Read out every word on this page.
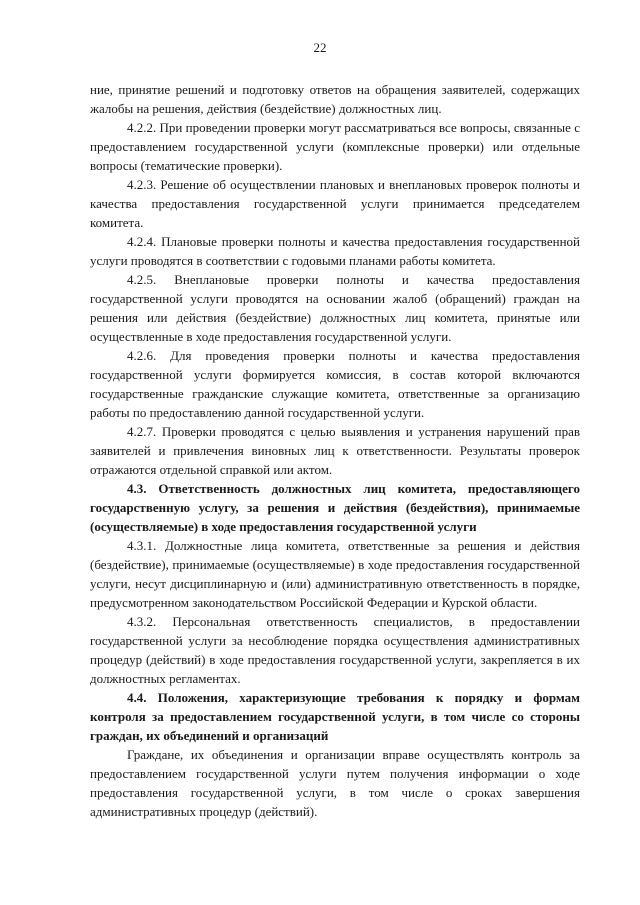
22

ние, принятие решений и подготовку ответов на обращения заявителей, содержащих жалобы на решения, действия (бездействие) должностных лиц.

4.2.2. При проведении проверки могут рассматриваться все вопросы, связанные с предоставлением государственной услуги (комплексные проверки) или отдельные вопросы (тематические проверки).

4.2.3. Решение об осуществлении плановых и внеплановых проверок полноты и качества предоставления государственной услуги принимается председателем комитета.

4.2.4. Плановые проверки полноты и качества предоставления государственной услуги проводятся в соответствии с годовыми планами работы комитета.

4.2.5. Внеплановые проверки полноты и качества предоставления государственной услуги проводятся на основании жалоб (обращений) граждан на решения или действия (бездействие) должностных лиц комитета, принятые или осуществленные в ходе предоставления государственной услуги.

4.2.6. Для проведения проверки полноты и качества предоставления государственной услуги формируется комиссия, в состав которой включаются государственные гражданские служащие комитета, ответственные за организацию работы по предоставлению данной государственной услуги.

4.2.7. Проверки проводятся с целью выявления и устранения нарушений прав заявителей и привлечения виновных лиц к ответственности. Результаты проверок отражаются отдельной справкой или актом.

4.3. Ответственность должностных лиц комитета, предоставляющего государственную услугу, за решения и действия (бездействия), принимаемые (осуществляемые) в ходе предоставления государственной услуги

4.3.1. Должностные лица комитета, ответственные за решения и действия (бездействие), принимаемые (осуществляемые) в ходе предоставления государственной услуги, несут дисциплинарную и (или) административную ответственность в порядке, предусмотренном законодательством Российской Федерации и Курской области.

4.3.2. Персональная ответственность специалистов, в предоставлении государственной услуги за несоблюдение порядка осуществления административных процедур (действий) в ходе предоставления государственной услуги, закрепляется в их должностных регламентах.

4.4. Положения, характеризующие требования к порядку и формам контроля за предоставлением государственной услуги, в том числе со стороны граждан, их объединений и организаций

Граждане, их объединения и организации вправе осуществлять контроль за предоставлением государственной услуги путем получения информации о ходе предоставления государственной услуги, в том числе о сроках завершения административных процедур (действий).
